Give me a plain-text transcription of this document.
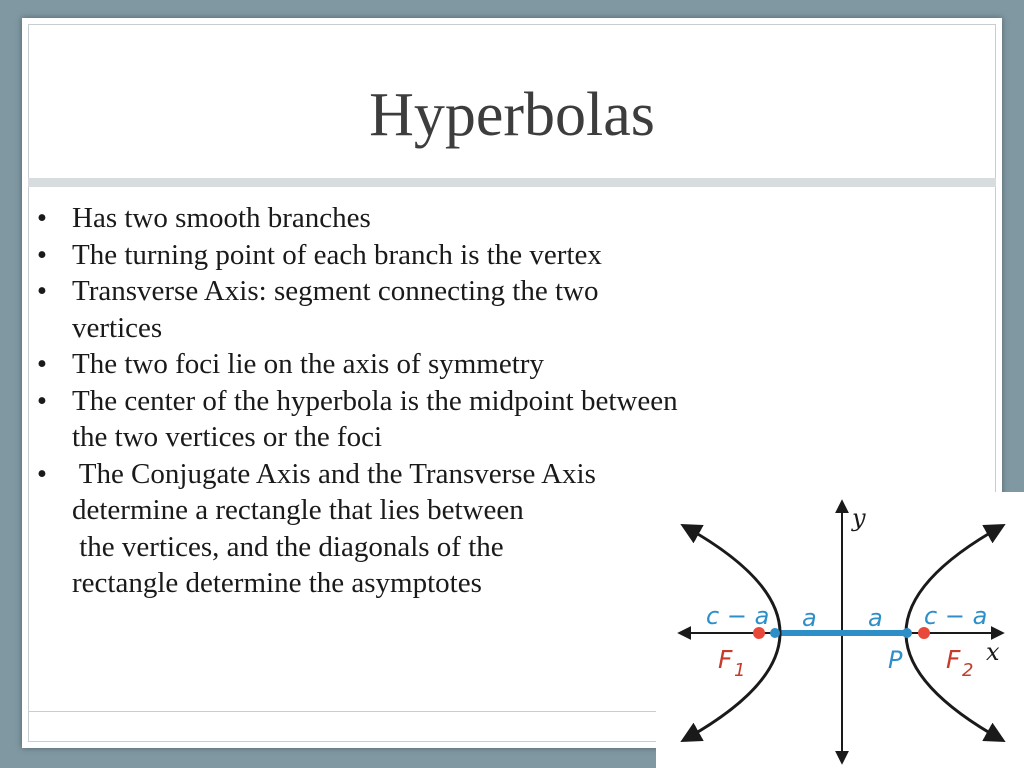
Hyperbolas
• Has two smooth branches
• The turning point of each branch is the vertex
• Transverse Axis: segment connecting the two
vertices
• The two foci lie on the axis of symmetry
• The center of the hyperbola is the midpoint between
the two vertices or the foci
• The Conjugate Axis and the Transverse Axis
determine a rectangle that lies between
the vertices, and the diagonals of the
rectangle determine the asymptotes
y
x
c − a a a c − a
F 1	P F 2
